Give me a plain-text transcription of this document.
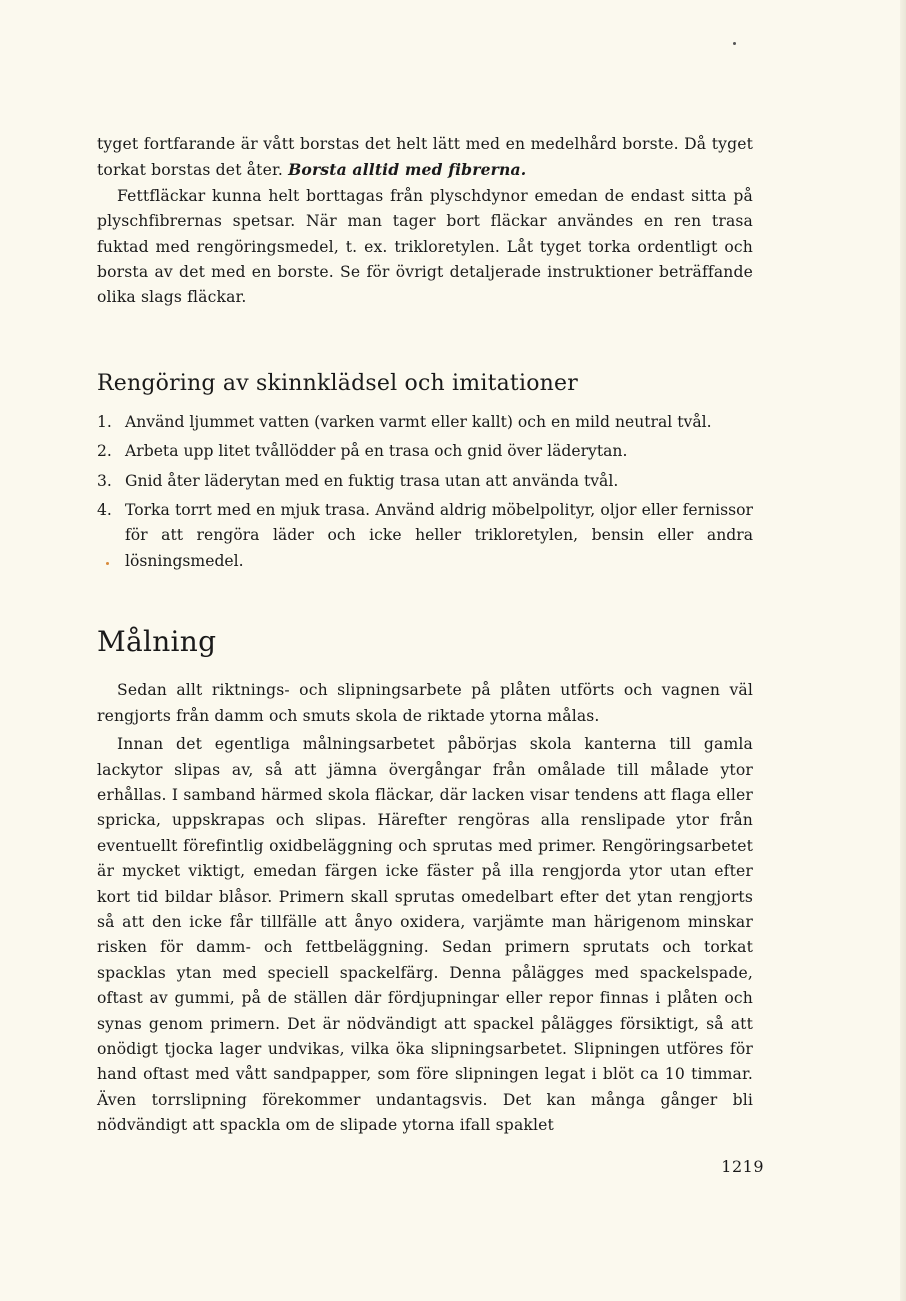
tyget fortfarande är vått borstas det helt lätt med en medelhård borste. Då tyget torkat borstas det åter. Borsta alltid med fibrerna.

Fettfläckar kunna helt borttagas från plyschdynor emedan de endast sitta på plyschfibrernas spetsar. När man tager bort fläckar användes en ren trasa fuktad med rengöringsmedel, t. ex. trikloretylen. Låt tyget torka ordentligt och borsta av det med en borste. Se för övrigt detaljerade instruktioner beträffande olika slags fläckar.

Rengöring av skinnklädsel och imitationer
1. Använd ljummet vatten (varken varmt eller kallt) och en mild neutral tvål.
2. Arbeta upp litet tvållödder på en trasa och gnid över läderytan.
3. Gnid åter läderytan med en fuktig trasa utan att använda tvål.
4. Torka torrt med en mjuk trasa. Använd aldrig möbelpolityr, oljor eller fernissor för att rengöra läder och icke heller trikloretylen, bensin eller andra lösningsmedel.
Målning

Sedan allt riktnings- och slipningsarbete på plåten utförts och vagnen väl rengjorts från damm och smuts skola de riktade ytorna målas.

Innan det egentliga målningsarbetet påbörjas skola kanterna till gamla lackytor slipas av, så att jämna övergångar från omålade till målade ytor erhållas. I samband härmed skola fläckar, där lacken visar tendens att flaga eller spricka, uppskrapas och slipas. Härefter rengöras alla renslipade ytor från eventuellt förefintlig oxidbeläggning och sprutas med primer. Rengöringsarbetet är mycket viktigt, emedan färgen icke fäster på illa rengjorda ytor utan efter kort tid bildar blåsor. Primern skall sprutas omedelbart efter det ytan rengjorts så att den icke får tillfälle att ånyo oxidera, varjämte man härigenom minskar risken för damm- och fettbeläggning. Sedan primern sprutats och torkat spacklas ytan med speciell spackelfärg. Denna pålägges med spackelspade, oftast av gummi, på de ställen där fördjupningar eller repor finnas i plåten och synas genom primern. Det är nödvändigt att spackel pålägges försiktigt, så att onödigt tjocka lager undvikas, vilka öka slipningsarbetet. Slipningen utföres för hand oftast med vått sandpapper, som före slipningen legat i blöt ca 10 timmar. Även torrslipning förekommer undantagsvis. Det kan många gånger bli nödvändigt att spackla om de slipade ytorna ifall spaklet

1219
